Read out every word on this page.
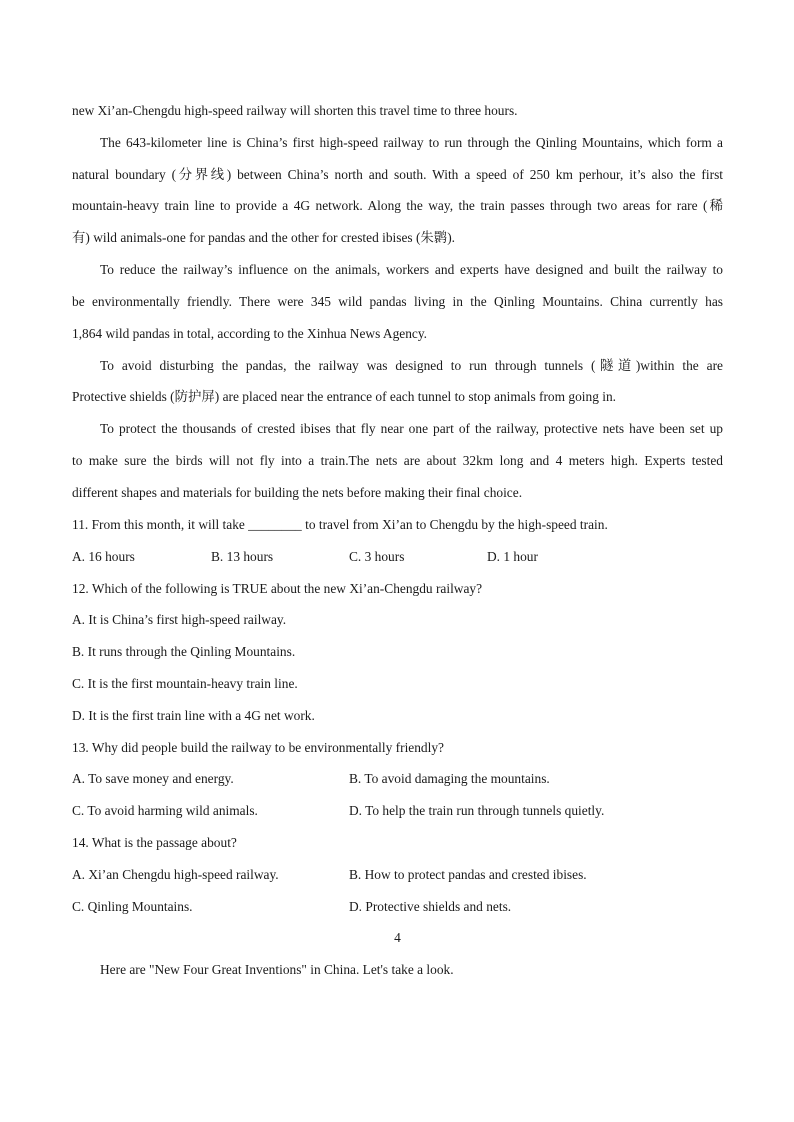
new Xi’an-Chengdu high-speed railway will shorten this travel time to three hours.
The 643-kilometer line is China’s first high-speed railway to run through the Qinling Mountains, which form a
natural boundary (分界线) between China’s north and south. With a speed of 250 km perhour, it’s also the first
mountain-heavy train line to provide a 4G network. Along the way, the train passes through two areas for rare (稀
有) wild animals-one for pandas and the other for crested ibises (朱鹮).
To reduce the railway’s influence on the animals, workers and experts have designed and built the railway to
be environmentally friendly. There were 345 wild pandas living in the Qinling Mountains. China currently has
1,864 wild pandas in total, according to the Xinhua News Agency.
To avoid disturbing the pandas, the railway was designed to run through tunnels (隧道)within the are
Protective shields (防护屏) are placed near the entrance of each tunnel to stop animals from going in.
To protect the thousands of crested ibises that fly near one part of the railway, protective nets have been set up
to make sure the birds will not fly into a train.The nets are about 32km long and 4 meters high. Experts tested
different shapes and materials for building the nets before making their final choice.
11. From this month, it will take ________ to travel from Xi’an to Chengdu by the high-speed train.
A. 16 hours	B. 13 hours	C. 3 hours	D. 1 hour
12. Which of the following is TRUE about the new Xi’an-Chengdu railway?
A. It is China’s first high-speed railway.
B. It runs through the Qinling Mountains.
C. It is the first mountain-heavy train line.
D. It is the first train line with a 4G net work.
13. Why did people build the railway to be environmentally friendly?
A. To save money and energy.	B. To avoid damaging the mountains.
C. To avoid harming wild animals.	D. To help the train run through tunnels quietly.
14. What is the passage about?
A. Xi’an Chengdu high-speed railway.	B. How to protect pandas and crested ibises.
C. Qinling Mountains.	D. Protective shields and nets.
4
Here are "New Four Great Inventions" in China. Let's take a look.
